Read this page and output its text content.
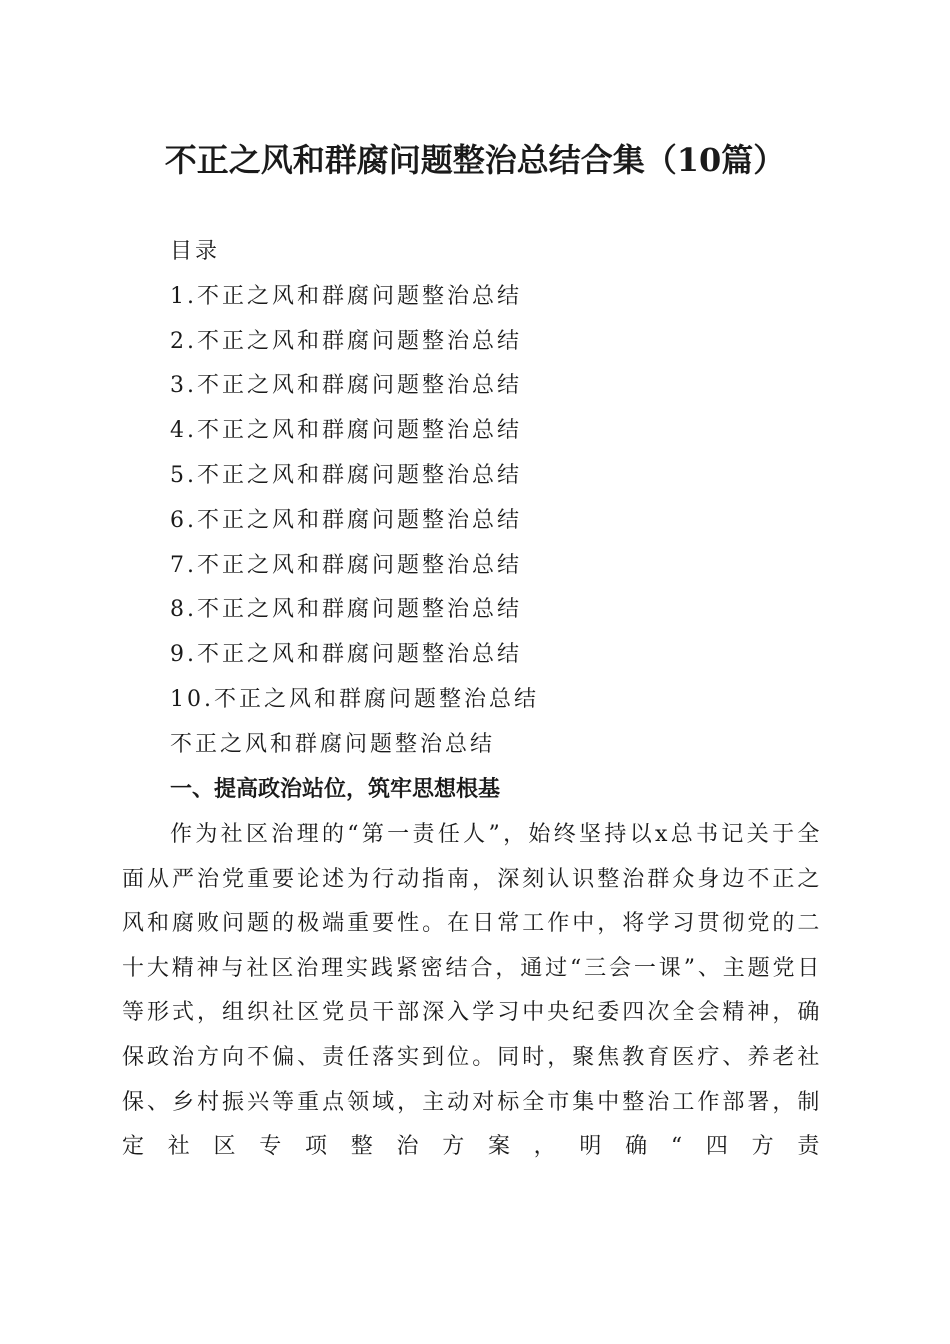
不正之风和群腐问题整治总结合集（10篇）
目录
1.不正之风和群腐问题整治总结
2.不正之风和群腐问题整治总结
3.不正之风和群腐问题整治总结
4.不正之风和群腐问题整治总结
5.不正之风和群腐问题整治总结
6.不正之风和群腐问题整治总结
7.不正之风和群腐问题整治总结
8.不正之风和群腐问题整治总结
9.不正之风和群腐问题整治总结
10.不正之风和群腐问题整治总结
不正之风和群腐问题整治总结
一、提高政治站位，筑牢思想根基

作为社区治理的“第一责任人”，始终坚持以x总书记关于全面从严治党重要论述为行动指南，深刻认识整治群众身边不正之风和腐败问题的极端重要性。在日常工作中，将学习贯彻党的二十大精神与社区治理实践紧密结合，通过“三会一课”、主题党日等形式，组织社区党员干部深入学习中央纪委四次全会精神，确保政治方向不偏、责任落实到位。同时，聚焦教育医疗、养老社保、乡村振兴等重点领域，主动对标全市集中整治工作部署，制定社区专项整治方案，明确“四方责
